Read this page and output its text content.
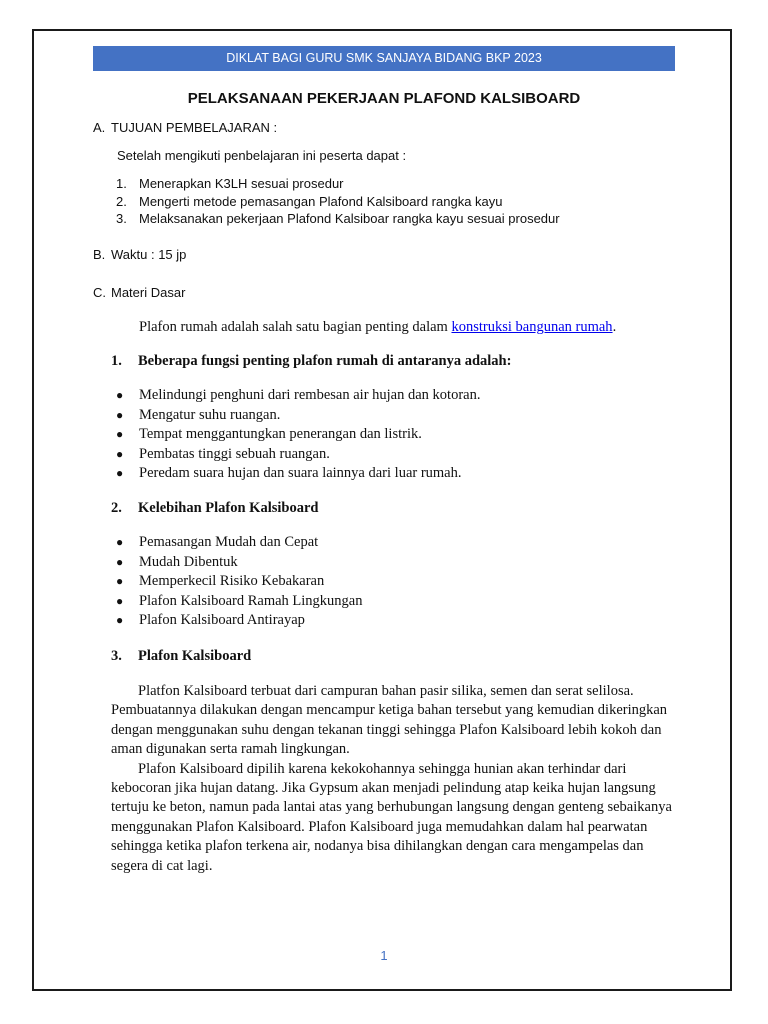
DIKLAT BAGI GURU SMK SANJAYA BIDANG BKP 2023
PELAKSANAAN PEKERJAAN PLAFOND KALSIBOARD
A. TUJUAN PEMBELAJARAN :
Setelah mengikuti penbelajaran ini peserta dapat :
1. Menerapkan K3LH sesuai prosedur
2. Mengerti metode pemasangan Plafond Kalsiboard rangka kayu
3. Melaksanakan pekerjaan Plafond Kalsiboar rangka kayu sesuai prosedur
B. Waktu : 15 jp
C. Materi Dasar
Plafon rumah adalah salah satu bagian penting dalam konstruksi bangunan rumah.
1. Beberapa fungsi penting plafon rumah di antaranya adalah:
● Melindungi penghuni dari rembesan air hujan dan kotoran.
● Mengatur suhu ruangan.
● Tempat menggantungkan penerangan dan listrik.
● Pembatas tinggi sebuah ruangan.
● Peredam suara hujan dan suara lainnya dari luar rumah.
2. Kelebihan Plafon Kalsiboard
● Pemasangan Mudah dan Cepat
● Mudah Dibentuk
● Memperkecil Risiko Kebakaran
● Plafon Kalsiboard Ramah Lingkungan
● Plafon Kalsiboard Antirayap
3. Plafon Kalsiboard

Platfon Kalsiboard terbuat dari campuran bahan pasir silika, semen dan serat selilosa. Pembuatannya dilakukan dengan mencampur ketiga bahan tersebut yang kemudian dikeringkan dengan menggunakan suhu dengan tekanan tinggi sehingga Plafon Kalsiboard lebih kokoh dan aman digunakan serta ramah lingkungan.

Plafon Kalsiboard dipilih karena kekokohannya sehingga hunian akan terhindar dari kebocoran jika hujan datang. Jika Gypsum akan menjadi pelindung atap keika hujan langsung tertuju ke beton, namun pada lantai atas yang berhubungan langsung dengan genteng sebaikanya menggunakan Plafon Kalsiboard. Plafon Kalsiboard juga memudahkan dalam hal pearwatan sehingga ketika plafon terkena air, nodanya bisa dihilangkan dengan cara mengampelas dan segera di cat lagi.

1
